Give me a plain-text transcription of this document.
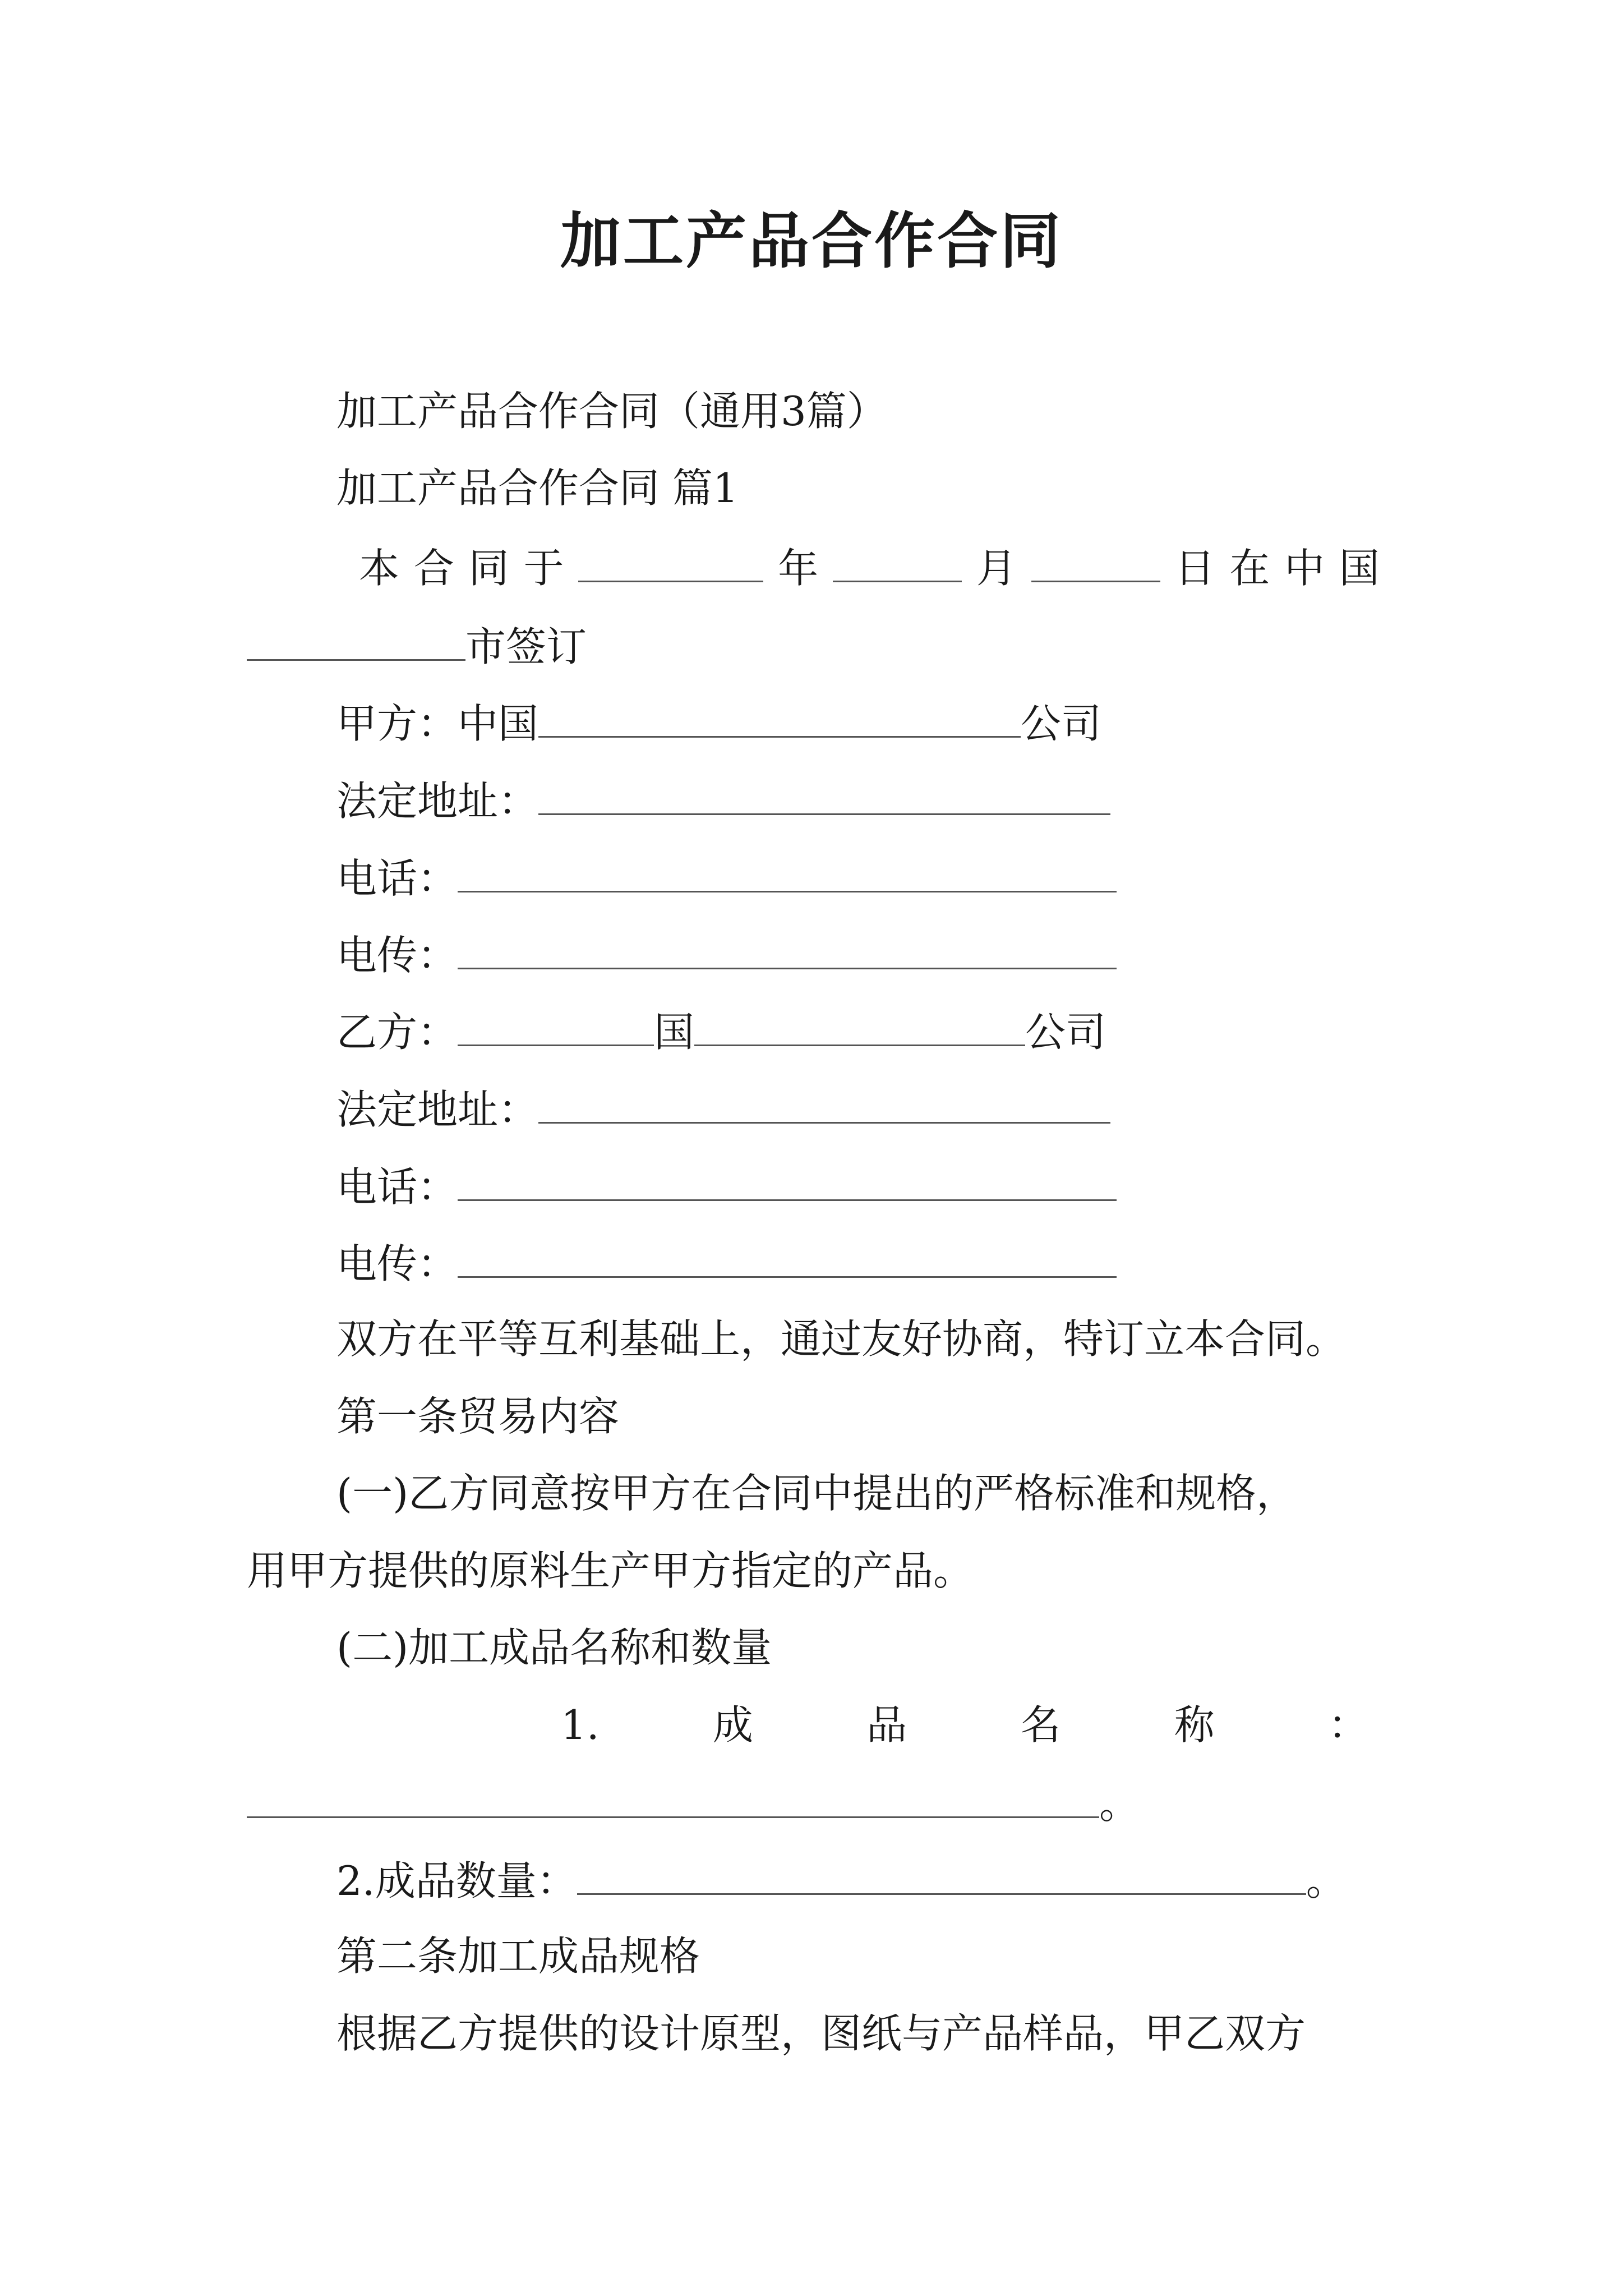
加工产品合作合同
加工产品合作合同（通用3篇）
加工产品合作合同 篇1
本 合 同 于	年	月	日 在 中 国
市签订
甲方：中国	公司
法定地址：
电话：
电传：
乙方：	国	公司
法定地址：
电话：
电传：
双方在平等互利基础上，通过友好协商，特订立本合同。
第一条贸易内容
(一)乙方同意按甲方在合同中提出的严格标准和规格，
用甲方提供的原料生产甲方指定的产品。
(二)加工成品名称和数量
1.	成	品	名	称	：
。
2.成品数量：	。
第二条加工成品规格
根据乙方提供的设计原型，图纸与产品样品，甲乙双方
